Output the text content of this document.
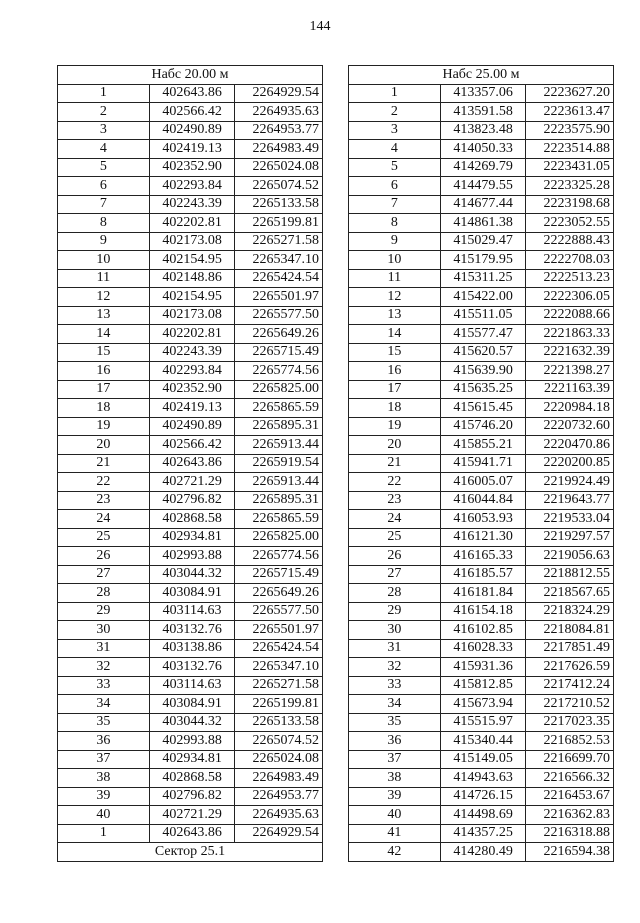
144
Набс 20.00 м		
1	402643.86	2264929.54
2	402566.42	2264935.63
3	402490.89	2264953.77
4	402419.13	2264983.49
5	402352.90	2265024.08
6	402293.84	2265074.52
7	402243.39	2265133.58
8	402202.81	2265199.81
9	402173.08	2265271.58
10	402154.95	2265347.10
11	402148.86	2265424.54
12	402154.95	2265501.97
13	402173.08	2265577.50
14	402202.81	2265649.26
15	402243.39	2265715.49
16	402293.84	2265774.56
17	402352.90	2265825.00
18	402419.13	2265865.59
19	402490.89	2265895.31
20	402566.42	2265913.44
21	402643.86	2265919.54
22	402721.29	2265913.44
23	402796.82	2265895.31
24	402868.58	2265865.59
25	402934.81	2265825.00
26	402993.88	2265774.56
27	403044.32	2265715.49
28	403084.91	2265649.26
29	403114.63	2265577.50
30	403132.76	2265501.97
31	403138.86	2265424.54
32	403132.76	2265347.10
33	403114.63	2265271.58
34	403084.91	2265199.81
35	403044.32	2265133.58
36	402993.88	2265074.52
37	402934.81	2265024.08
38	402868.58	2264983.49
39	402796.82	2264953.77
40	402721.29	2264935.63
1	402643.86	2264929.54
Сектор 25.1		
Набс 25.00 м		
1	413357.06	2223627.20
2	413591.58	2223613.47
3	413823.48	2223575.90
4	414050.33	2223514.88
5	414269.79	2223431.05
6	414479.55	2223325.28
7	414677.44	2223198.68
8	414861.38	2223052.55
9	415029.47	2222888.43
10	415179.95	2222708.03
11	415311.25	2222513.23
12	415422.00	2222306.05
13	415511.05	2222088.66
14	415577.47	2221863.33
15	415620.57	2221632.39
16	415639.90	2221398.27
17	415635.25	2221163.39
18	415615.45	2220984.18
19	415746.20	2220732.60
20	415855.21	2220470.86
21	415941.71	2220200.85
22	416005.07	2219924.49
23	416044.84	2219643.77
24	416053.93	2219533.04
25	416121.30	2219297.57
26	416165.33	2219056.63
27	416185.57	2218812.55
28	416181.84	2218567.65
29	416154.18	2218324.29
30	416102.85	2218084.81
31	416028.33	2217851.49
32	415931.36	2217626.59
33	415812.85	2217412.24
34	415673.94	2217210.52
35	415515.97	2217023.35
36	415340.44	2216852.53
37	415149.05	2216699.70
38	414943.63	2216566.32
39	414726.15	2216453.67
40	414498.69	2216362.83
41	414357.25	2216318.88
42	414280.49	2216594.38
